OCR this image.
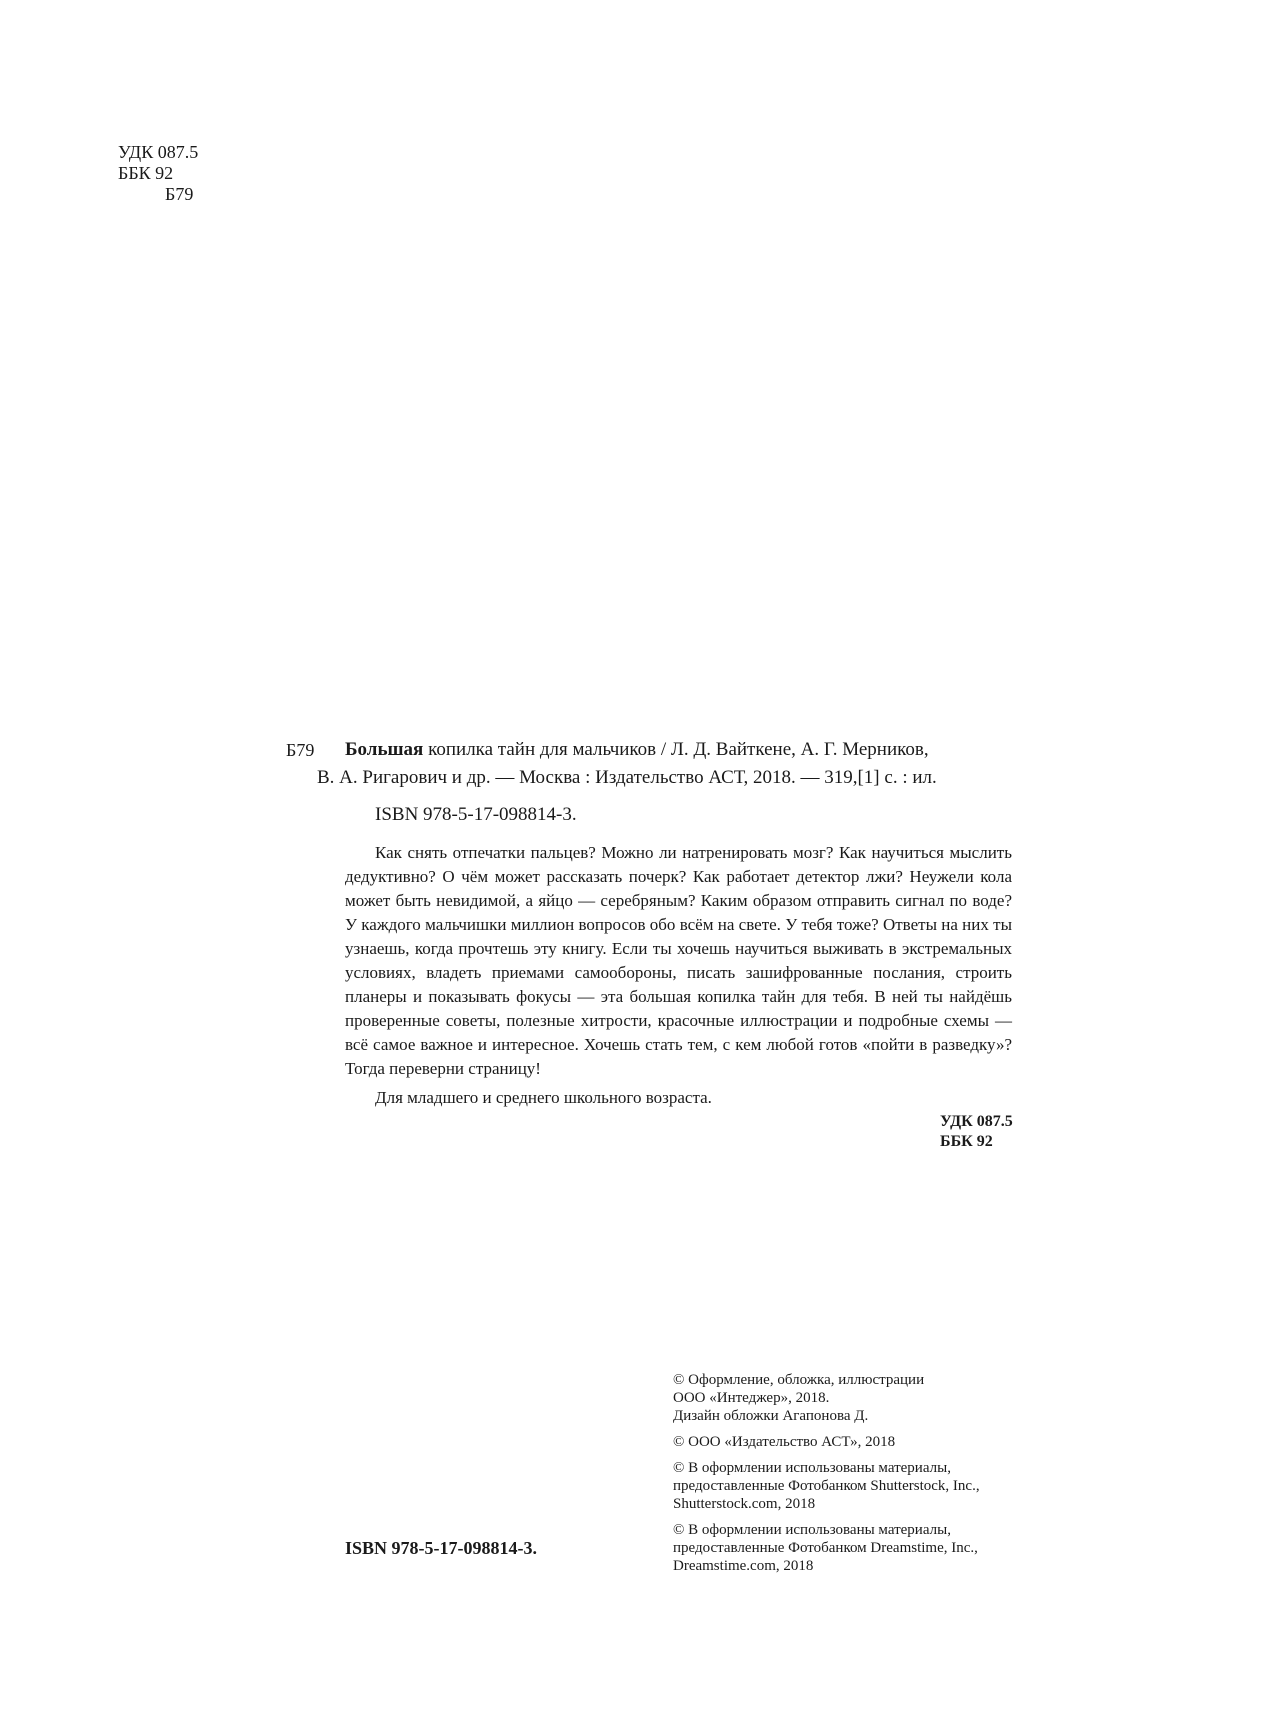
УДК 087.5
ББК 92
Б79
Б79 Большая копилка тайн для мальчиков / Л. Д. Вайткене, А. Г. Мерников,
В. А. Ригарович и др. — Москва : Издательство АСТ, 2018. — 319,[1] с. : ил.
ISBN 978-5-17-098814-3.

Как снять отпечатки пальцев? Можно ли натренировать мозг? Как научиться мыслить дедуктивно? О чём может рассказать почерк? Как работает детектор лжи? Неужели кола может быть невидимой, а яйцо — серебряным? Каким образом отправить сигнал по воде? У каждого мальчишки миллион вопросов обо всём на свете. У тебя тоже? Ответы на них ты узнаешь, когда прочтешь эту книгу. Если ты хочешь научиться выживать в экстремальных условиях, владеть приемами самообороны, писать зашифрованные послания, строить планеры и показывать фокусы — эта большая копилка тайн для тебя. В ней ты найдёшь проверенные советы, полезные хитрости, красочные иллюстрации и подробные схемы — всё самое важное и интересное. Хочешь стать тем, с кем любой готов «пойти в разведку»? Тогда переверни страницу!

Для младшего и среднего школьного возраста.
УДК 087.5
ББК 92
ISBN 978-5-17-098814-3.
© Оформление, обложка, иллюстрации
ООО «Интеджер», 2018.
Дизайн обложки Агапонова Д.
© ООО «Издательство АСТ», 2018
© В оформлении использованы материалы,
предоставленные Фотобанком Shutterstock, Inc.,
Shutterstock.com, 2018
© В оформлении использованы материалы,
предоставленные Фотобанком Dreamstime, Inc.,
Dreamstime.com, 2018
